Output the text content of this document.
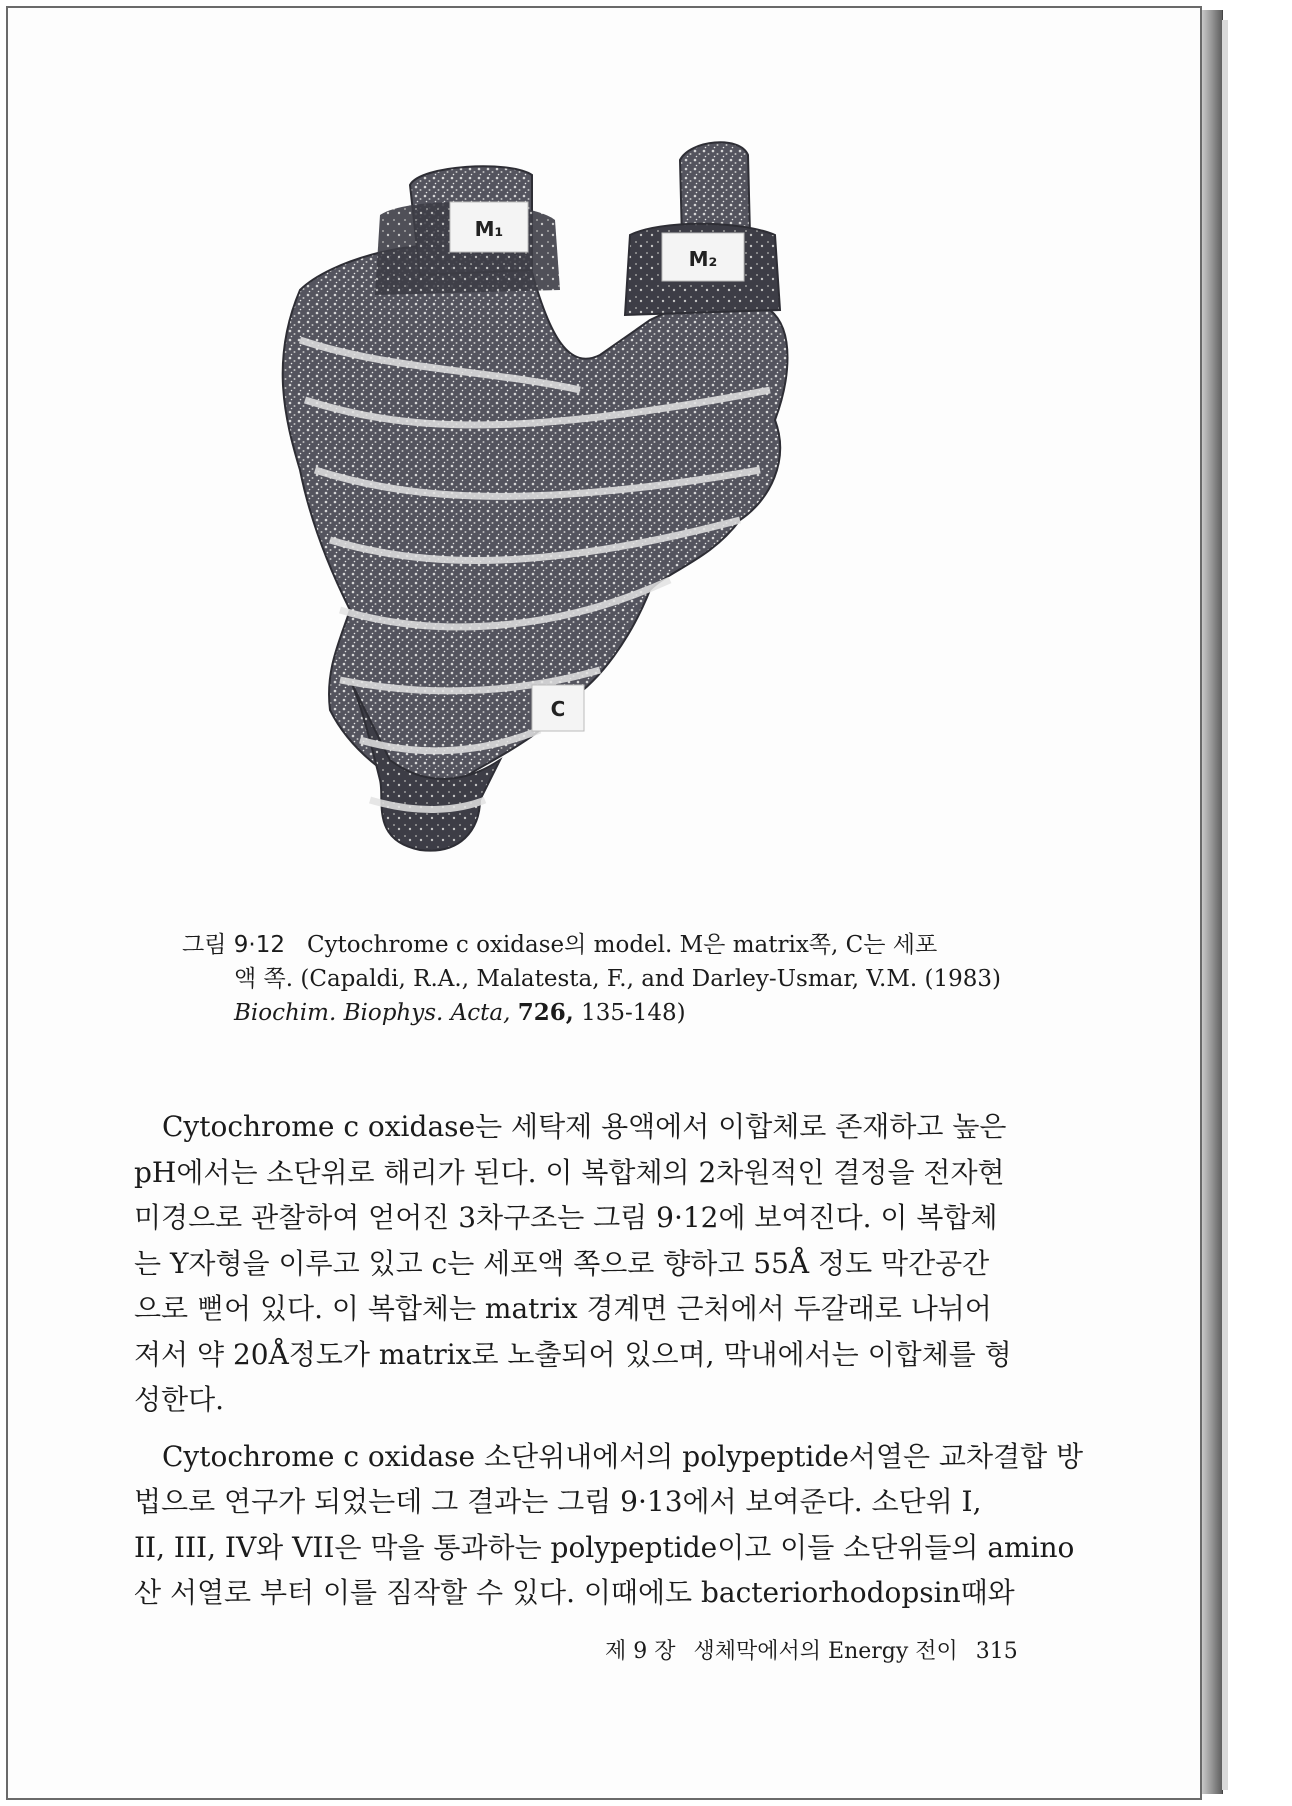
M₁
M₂
C
그림 9·12 Cytochrome c oxidase의 model. M은 matrix쪽, C는 세포
액 쪽. (Capaldi, R.A., Malatesta, F., and Darley-Usmar, V.M. (1983)
Biochim. Biophys. Acta, 726, 135-148)
Cytochrome c oxidase는 세탁제 용액에서 이합체로 존재하고 높은
pH에서는 소단위로 해리가 된다. 이 복합체의 2차원적인 결정을 전자현
미경으로 관찰하여 얻어진 3차구조는 그림 9·12에 보여진다. 이 복합체
는 Y자형을 이루고 있고 c는 세포액 쪽으로 향하고 55Å 정도 막간공간
으로 뻗어 있다. 이 복합체는 matrix 경계면 근처에서 두갈래로 나뉘어
져서 약 20Å정도가 matrix로 노출되어 있으며, 막내에서는 이합체를 형
성한다.
Cytochrome c oxidase 소단위내에서의 polypeptide서열은 교차결합 방
법으로 연구가 되었는데 그 결과는 그림 9·13에서 보여준다. 소단위 I,
II, III, IV와 VII은 막을 통과하는 polypeptide이고 이들 소단위들의 amino
산 서열로 부터 이를 짐작할 수 있다. 이때에도 bacteriorhodopsin때와
제 9 장 생체막에서의 Energy 전이 315
